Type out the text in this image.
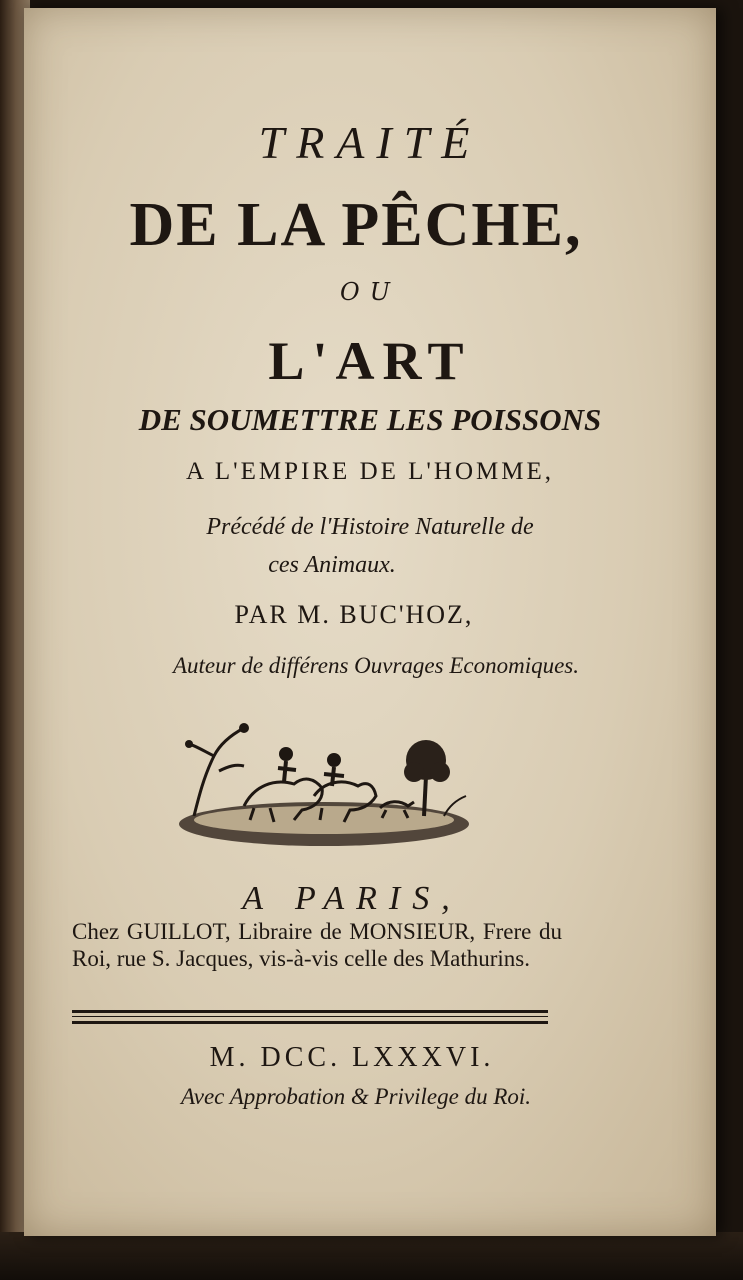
TRAITÉ
DE LA PÊCHE,
OU
L'ART
DE SOUMETTRE LES POISSONS
A L'EMPIRE DE L'HOMME,
Précédé de l'Histoire Naturelle de
ces Animaux.
PAR M. BUC'HOZ,
Auteur de différens Ouvrages Economiques.
A PARIS,
Chez GUILLOT, Libraire de MONSIEUR, Frere du Roi, rue S. Jacques, vis-à-vis celle des Mathurins.
M. DCC. LXXXVI.
Avec Approbation & Privilege du Roi.
